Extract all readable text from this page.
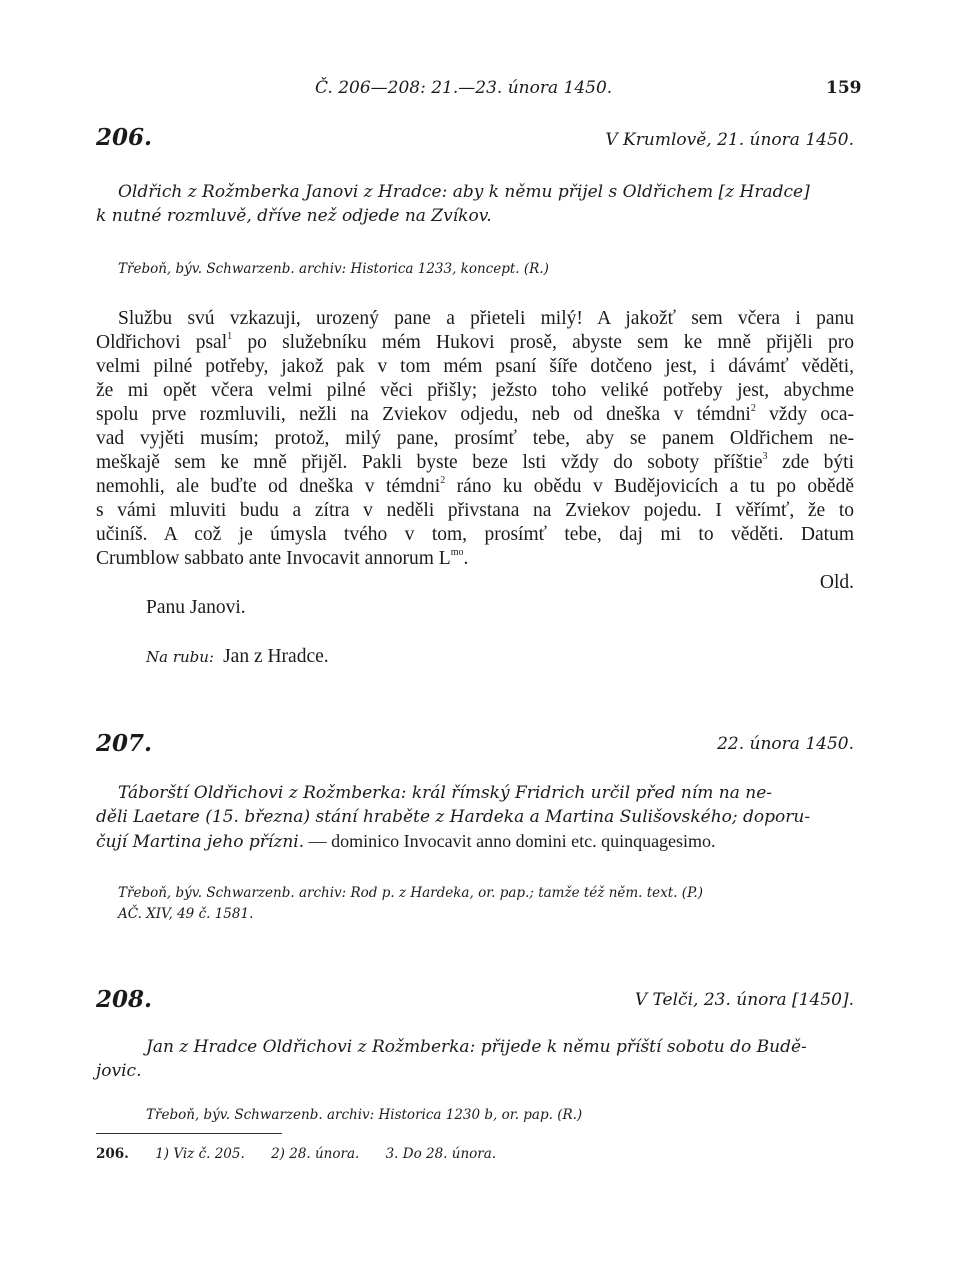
Č. 206—208: 21.—23. února 1450.	159
206.	V Krumlově, 21. února 1450.
Oldřich z Rožmberka Janovi z Hradce: aby k němu přijel s Oldřichem [z Hradce]
k nutné rozmluvě, dříve než odjede na Zvíkov.
Třeboň, býv. Schwarzenb. archiv: Historica 1233, koncept. (R.)
Službu svú vzkazuji, urozený pane a přieteli milý! A jakožť sem včera i panu
Oldřichovi psal$^1$ po služebníku mém Hukovi prosě, abyste sem ke mně přijěli pro
velmi pilné potřeby, jakož pak v tom mém psaní šíře dotčeno jest, i dávámť věděti,
že mi opět včera velmi pilné věci přišly; ježsto toho veliké potřeby jest, abychme
spolu prve rozmluvili, nežli na Zviekov odjedu, neb od dneška v témdni$^2$ vždy oca-
vad vyjěti musím; protož, milý pane, prosímť tebe, aby se panem Oldřichem ne-
meškajě sem ke mně přijěl. Pakli byste beze lsti vždy do soboty příštie$^3$ zde býti
nemohli, ale buďte od dneška v témdni$^2$ ráno ku obědu v Budějovicích a tu po obědě
s vámi mluviti budu a zítra v neděli přivstana na Zviekov pojedu. I věřímť, že to
učiníš. A což je úmysla tvého v tom, prosímť tebe, daj mi to věděti. Datum
Crumblow sabbato ante Invocavit annorum $L^{mo}$.
Old.
Panu Janovi.
Na rubu: Jan z Hradce.
207.	22. února 1450.
Táborští Oldřichovi z Rožmberka: král římský Fridrich určil před ním na ne-
děli Laetare (15. března) stání hraběte z Hardeka a Martina Sulišovského; doporu-
čují Martina jeho přízni. — dominico Invocavit anno domini etc. quinquagesimo.
Třeboň, býv. Schwarzenb. archiv: Rod p. z Hardeka, or. pap.; tamže též něm. text. (P.)
AČ. XIV, 49 č. 1581.
208.	V Telči, 23. února [1450].
Jan z Hradce Oldřichovi z Rožmberka: přijede k němu příští sobotu do Budě-
jovic.
Třeboň, býv. Schwarzenb. archiv: Historica 1230 b, or. pap. (R.)
206. 1) Viz č. 205. 2) 28. února. 3. Do 28. února.
